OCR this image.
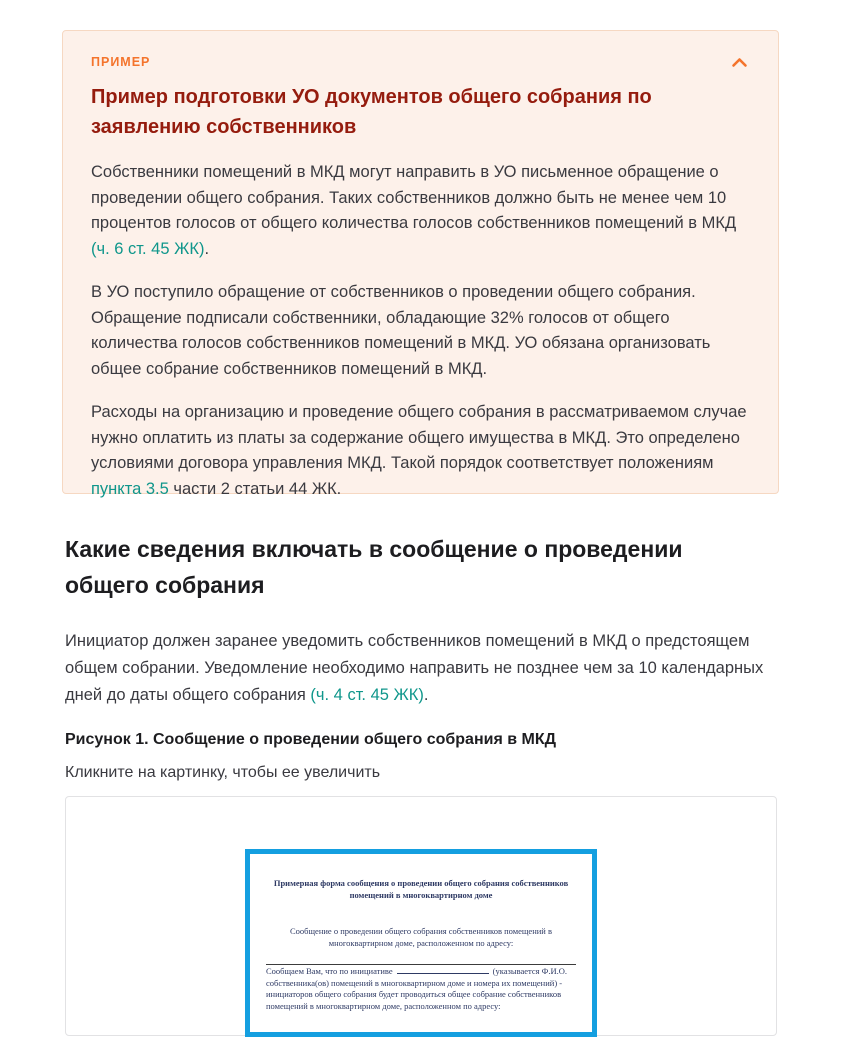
ПРИМЕР
Пример подготовки УО документов общего собрания по заявлению собственников

Собственники помещений в МКД могут направить в УО письменное обращение о проведении общего собрания. Таких собственников должно быть не менее чем 10 процентов голосов от общего количества голосов собственников помещений в МКД (ч. 6 ст. 45 ЖК).

В УО поступило обращение от собственников о проведении общего собрания. Обращение подписали собственники, обладающие 32% голосов от общего количества голосов собственников помещений в МКД. УО обязана организовать общее собрание собственников помещений в МКД.

Расходы на организацию и проведение общего собрания в рассматриваемом случае нужно оплатить из платы за содержание общего имущества в МКД. Это определено условиями договора управления МКД. Такой порядок соответствует положениям пункта 3.5 части 2 статьи 44 ЖК.

Какие сведения включать в сообщение о проведении общего собрания

Инициатор должен заранее уведомить собственников помещений в МКД о предстоящем общем собрании. Уведомление необходимо направить не позднее чем за 10 календарных дней до даты общего собрания (ч. 4 ст. 45 ЖК).

Рисунок 1. Сообщение о проведении общего собрания в МКД

Кликните на картинку, чтобы ее увеличить

Примерная форма сообщения о проведении общего собрания собственников помещений в многоквартирном доме
Сообщение о проведении общего собрания собственников помещений в многоквартирном доме, расположенном по адресу:
Сообщаем Вам, что по инициативе	(указывается Ф.И.О. собственника(ов) помещений в многоквартирном доме и номера их помещений) - инициаторов общего собрания будет проводиться общее собрание собственников помещений в многоквартирном доме, расположенном по адресу:
